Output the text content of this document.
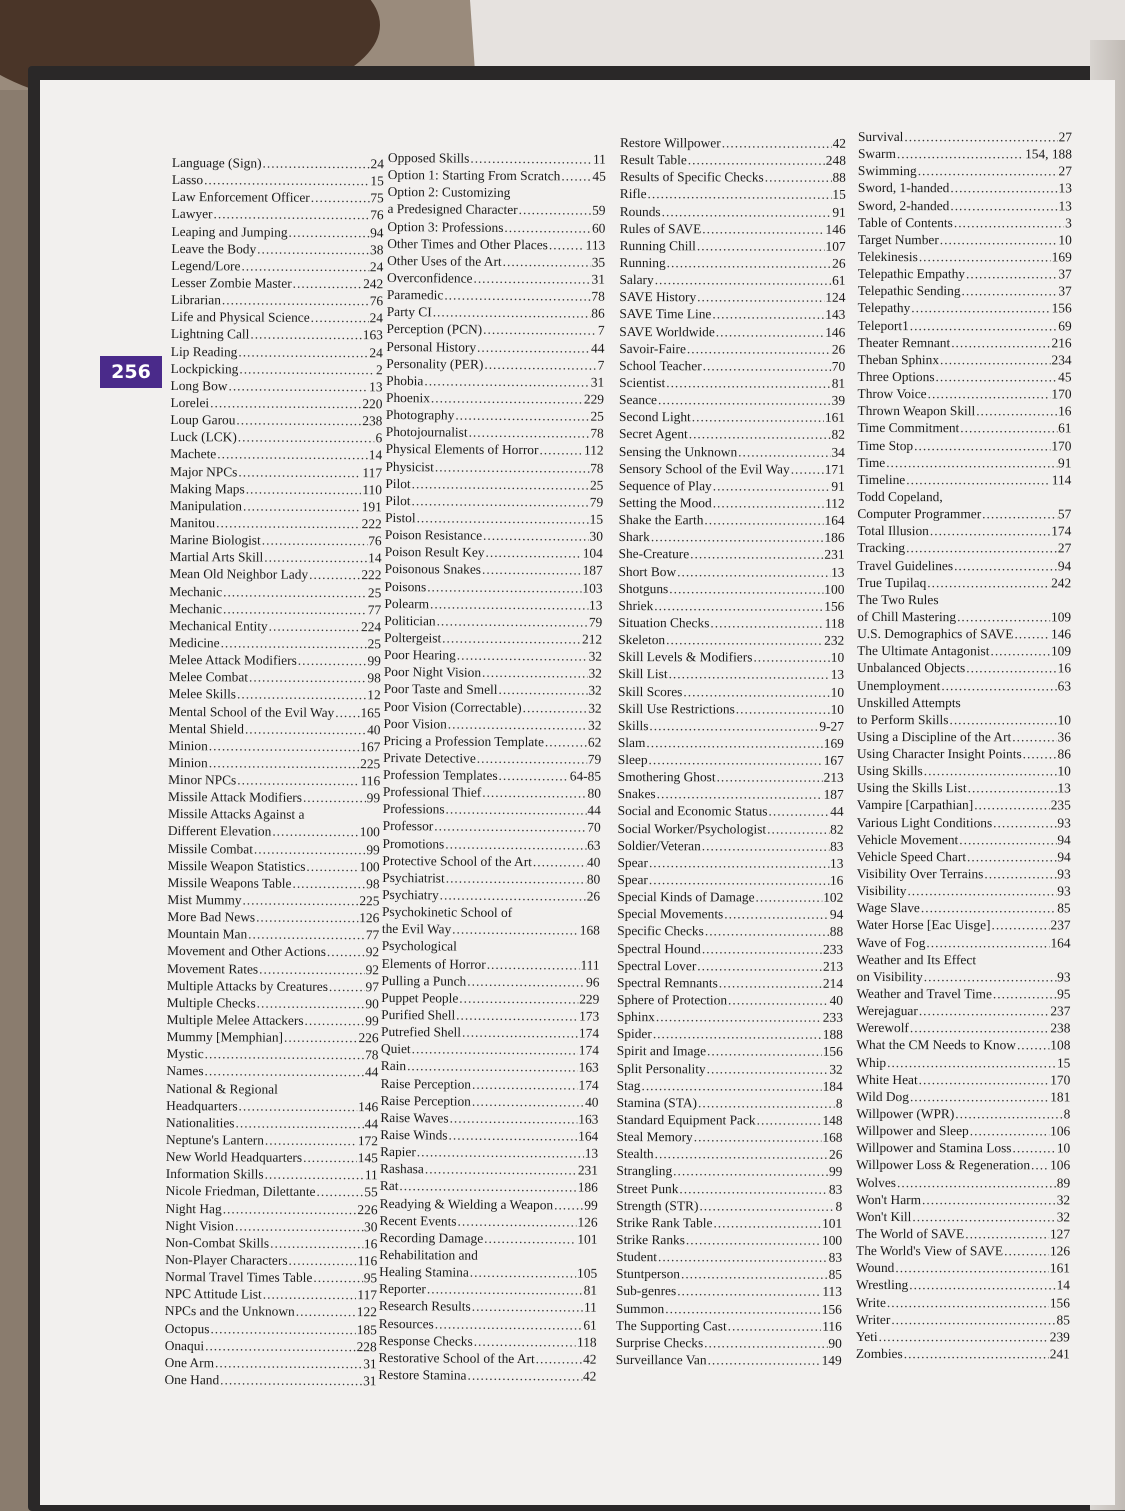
256
Language (Sign) .....	24
Lasso .....	15
Law Enforcement Officer .....	75
Lawyer .....	76
Leaping and Jumping .....	94
Leave the Body .....	38
Legend/Lore .....	24
Lesser Zombie Master .....	242
Librarian .....	76
Life and Physical Science .....	24
Lightning Call .....	163
Lip Reading .....	24
Lockpicking .....	2
Long Bow .....	13
Lorelei .....	220
Loup Garou .....	238
Luck (LCK) .....	6
Machete .....	14
Major NPCs .....	117
Making Maps .....	110
Manipulation .....	191
Manitou .....	222
Marine Biologist .....	76
Martial Arts Skill .....	14
Mean Old Neighbor Lady .....	222
Mechanic .....	25
Mechanic .....	77
Mechanical Entity .....	224
Medicine .....	25
Melee Attack Modifiers .....	99
Melee Combat .....	98
Melee Skills .....	12
Mental School of the Evil Way ..... 165
Mental Shield .....	40
Minion .....	167
Minion .....	225
Minor NPCs .....	116
Missile Attack Modifiers .....	99
Missile Attacks Against a
Different Elevation .....	100
Missile Combat .....	99
Missile Weapon Statistics .....	100
Missile Weapons Table .....	98
Mist Mummy .....	225
More Bad News .....	126
Mountain Man .....	77
Movement and Other Actions .....	92
Movement Rates .....	92
Multiple Attacks by Creatures .....	97
Multiple Checks .....	90
Multiple Melee Attackers .....	99
Mummy [Memphian] .....	226
Mystic .....	78
Names .....	44
National & Regional
Headquarters .....	146
Nationalities .....	44
Neptune's Lantern .....	172
New World Headquarters .....	145
Information Skills .....	11
Nicole Friedman, Dilettante .....	55
Night Hag .....	226
Night Vision .....	30
Non-Combat Skills .....	16
Non-Player Characters .....	116
Normal Travel Times Table .....	95
NPC Attitude List .....	117
NPCs and the Unknown .....	122
Octopus .....	185
Onaqui .....	228
One Arm .....	31
One Hand .....	31
Opposed Skills .....	11
Option 1: Starting From Scratch ..... 45
Option 2: Customizing
a Predesigned Character .....	59
Option 3: Professions .....	60
Other Times and Other Places .....	113
Other Uses of the Art .....	35
Overconfidence .....	31
Paramedic .....	78
Party CI .....	86
Perception (PCN) .....	7
Personal History .....	44
Personality (PER) .....	7
Phobia .....	31
Phoenix .....	229
Photography .....	25
Photojournalist .....	78
Physical Elements of Horror .....	112
Physicist .....	78
Pilot .....	25
Pilot .....	79
Pistol .....	15
Poison Resistance .....	30
Poison Result Key .....	104
Poisonous Snakes .....	187
Poisons .....	103
Polearm .....	13
Politician .....	79
Poltergeist .....	212
Poor Hearing .....	32
Poor Night Vision .....	32
Poor Taste and Smell .....	32
Poor Vision (Correctable) .....	32
Poor Vision .....	32
Pricing a Profession Template .....	62
Private Detective .....	79
Profession Templates .....	64-85
Professional Thief .....	80
Professions .....	44
Professor .....	70
Promotions .....	63
Protective School of the Art .....	40
Psychiatrist .....	80
Psychiatry .....	26
Psychokinetic School of
the Evil Way .....	168
Psychological
Elements of Horror .....	111
Pulling a Punch .....	96
Puppet People .....	229
Purified Shell .....	173
Putrefied Shell .....	174
Quiet .....	174
Rain .....	163
Raise Perception .....	174
Raise Perception .....	40
Raise Waves .....	163
Raise Winds .....	164
Rapier .....	13
Rashasa .....	231
Rat .....	186
Readying & Wielding a Weapon ..... 99
Recent Events .....	126
Recording Damage .....	101
Rehabilitation and
Healing Stamina .....	105
Reporter .....	81
Research Results .....	11
Resources .....	61
Response Checks .....	118
Restorative School of the Art .....	42
Restore Stamina .....	42
Restore Willpower .....	42
Result Table .....	248
Results of Specific Checks .....	88
Rifle .....	15
Rounds .....	91
Rules of SAVE .....	146
Running Chill .....	107
Running .....	26
Salary .....	61
SAVE History .....	124
SAVE Time Line .....	143
SAVE Worldwide .....	146
Savoir-Faire .....	26
School Teacher .....	70
Scientist .....	81
Seance .....	39
Second Light .....	161
Secret Agent .....	82
Sensing the Unknown .....	34
Sensory School of the Evil Way .....	171
Sequence of Play .....	91
Setting the Mood .....	112
Shake the Earth .....	164
Shark .....	186
She-Creature .....	231
Short Bow .....	13
Shotguns .....	100
Shriek .....	156
Situation Checks .....	118
Skeleton .....	232
Skill Levels & Modifiers .....	10
Skill List .....	13
Skill Scores .....	10
Skill Use Restrictions .....	10
Skills .....	9-27
Slam .....	169
Sleep .....	167
Smothering Ghost .....	213
Snakes .....	187
Social and Economic Status .....	44
Social Worker/Psychologist .....	82
Soldier/Veteran .....	83
Spear .....	13
Spear .....	16
Special Kinds of Damage .....	102
Special Movements .....	94
Specific Checks .....	88
Spectral Hound .....	233
Spectral Lover .....	213
Spectral Remnants .....	214
Sphere of Protection .....	40
Sphinx .....	233
Spider .....	188
Spirit and Image .....	156
Split Personality .....	32
Stag .....	184
Stamina (STA) .....	8
Standard Equipment Pack .....	148
Steal Memory .....	168
Stealth .....	26
Strangling .....	99
Street Punk .....	83
Strength (STR) .....	8
Strike Rank Table .....	101
Strike Ranks .....	100
Student .....	83
Stuntperson .....	85
Sub-genres .....	113
Summon .....	156
The Supporting Cast .....	116
Surprise Checks .....	90
Surveillance Van .....	149
Survival .....	27
Swarm .....	154, 188
Swimming .....	27
Sword, 1-handed .....	13
Sword, 2-handed .....	13
Table of Contents .....	3
Target Number .....	10
Telekinesis .....	169
Telepathic Empathy .....	37
Telepathic Sending .....	37
Telepathy .....	156
Teleport1 .....	69
Theater Remnant .....	216
Theban Sphinx .....	234
Three Options .....	45
Throw Voice .....	170
Thrown Weapon Skill .....	16
Time Commitment .....	61
Time Stop .....	170
Time .....	91
Timeline .....	114
Todd Copeland,
Computer Programmer .....	57
Total Illusion .....	174
Tracking .....	27
Travel Guidelines .....	94
True Tupilaq .....	242
The Two Rules
of Chill Mastering .....	109
U.S. Demographics of SAVE .....	146
The Ultimate Antagonist .....	109
Unbalanced Objects .....	16
Unemployment .....	63
Unskilled Attempts
to Perform Skills .....	10
Using a Discipline of the Art .....	36
Using Character Insight Points .....	86
Using Skills .....	10
Using the Skills List .....	13
Vampire [Carpathian] .....	235
Various Light Conditions .....	93
Vehicle Movement .....	94
Vehicle Speed Chart .....	94
Visibility Over Terrains .....	93
Visibility .....	93
Wage Slave .....	85
Water Horse [Eac Uisge] .....	237
Wave of Fog .....	164
Weather and Its Effect
on Visibility .....	93
Weather and Travel Time .....	95
Werejaguar .....	237
Werewolf .....	238
What the CM Needs to Know .....	108
Whip .....	15
White Heat .....	170
Wild Dog .....	181
Willpower (WPR) .....	8
Willpower and Sleep .....	106
Willpower and Stamina Loss .....	10
Willpower Loss & Regeneration ..... 106
Wolves .....	89
Won't Harm .....	32
Won't Kill .....	32
The World of SAVE .....	127
The World's View of SAVE .....	126
Wound .....	161
Wrestling .....	14
Write .....	156
Writer .....	85
Yeti .....	239
Zombies .....	241
